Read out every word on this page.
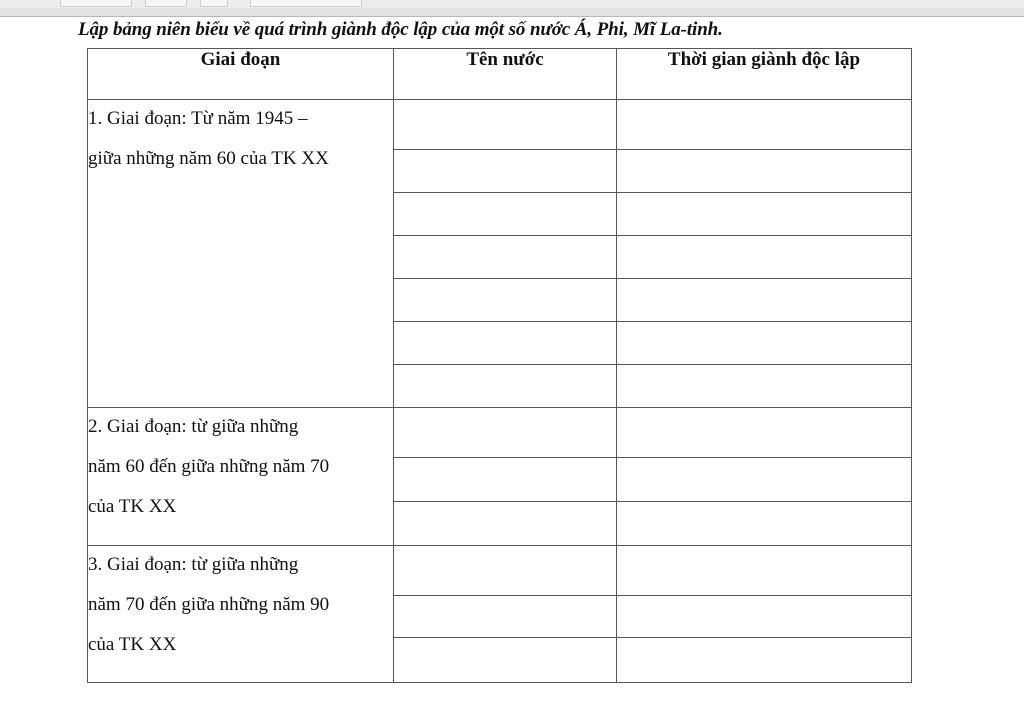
Lập bảng niên biểu về quá trình giành độc lập của một số nước Á, Phi, Mĩ La-tinh.
Giai đoạn	Tên nước	Thời gian giành độc lập

1. Giai đoạn: Từ năm 1945 –
giữa những năm 60 của TK XX		

2. Giai đoạn: từ giữa những
năm 60 đến giữa những năm 70
của TK XX		

3. Giai đoạn: từ giữa những
năm 70 đến giữa những năm 90
của TK XX		
